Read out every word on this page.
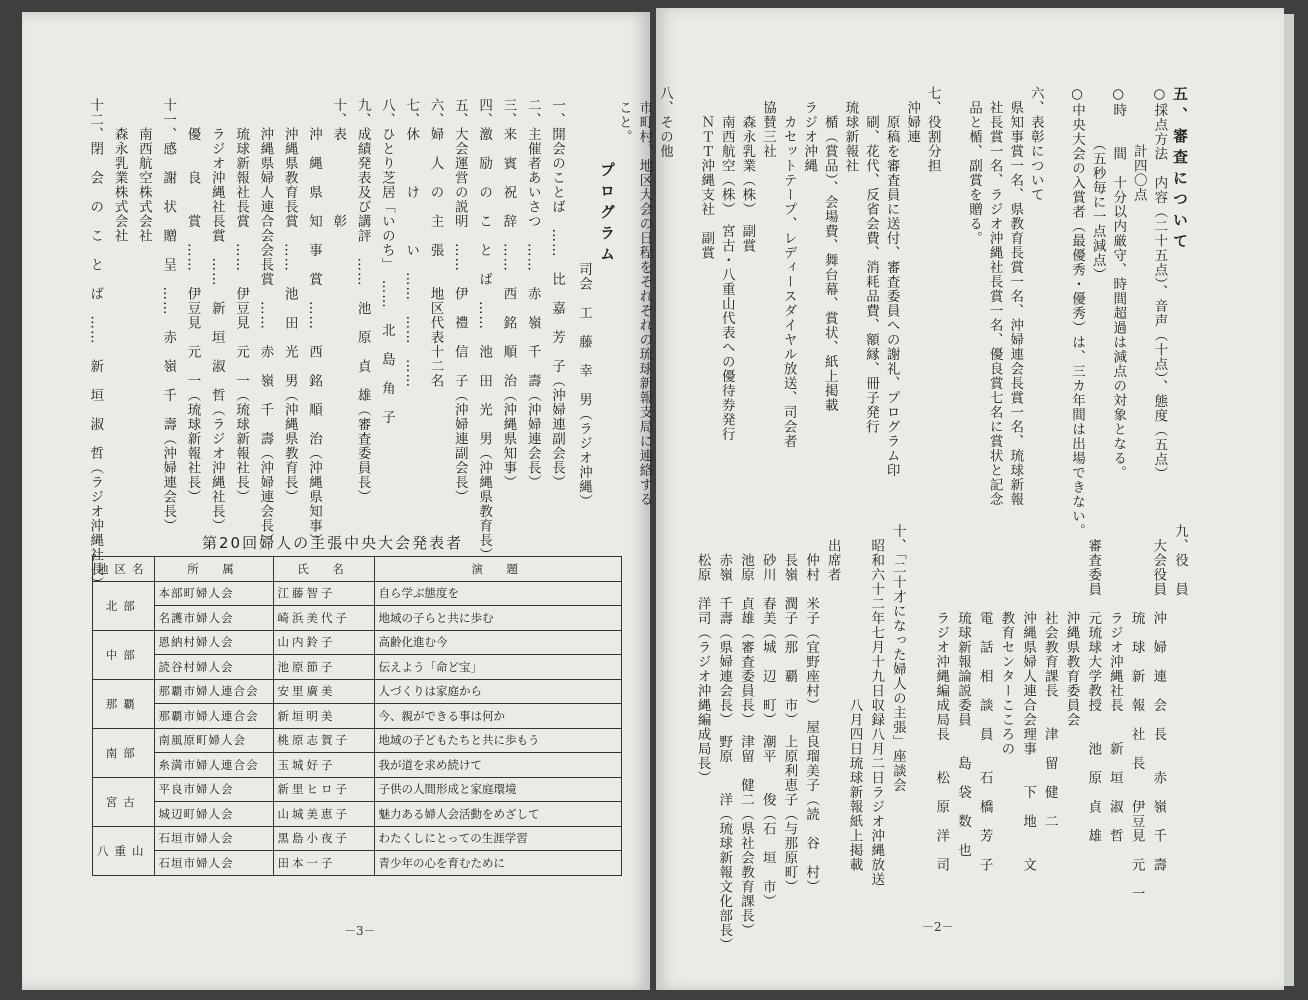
プログラム
司会　工　藤　幸　男（ラジオ沖縄）
一、開会のことば　……　比　嘉　芳　子（沖婦連副会長）
二、主催者あいさつ　……　赤　嶺　千　壽（沖婦連会長）
三、来　賓　祝　辞　……　西　銘　順　治（沖縄県知事）
四、激　励　の　こ　と　ば　……　池　田　光　男（沖縄県教育長）
五、大会運営の説明　……　伊　禮　信　子（沖婦連副会長）
六、婦　人　の　主　張　　地区代表十二名
七、休　　　け　　　い　……　……　……
八、ひとり芝居「いのち」　……　北　島　角　子
九、成績発表及び講評　……　池　原　貞　雄（審査委員長）
十、表　　　　　彰
　　沖　縄　県　知　事　賞　……　西　銘　順　治（沖縄県知事）
　　沖縄県教育長賞　……　池　田　光　男（沖縄県教育長）
　　沖縄県婦人連合会会長賞　……　赤　嶺　千　壽（沖婦連会長）
　　琉球新報社長賞　……　伊豆見　元　一（琉球新報社長）
　　ラジオ沖縄社長賞　……　新　垣　淑　哲（ラジオ沖縄社長）
　　優　　良　　賞　……　伊豆見　元　一（琉球新報社長）
十一、感　謝　状　贈　呈　……　赤　嶺　千　壽（沖婦連会長）
　　南西航空株式会社
　　森永乳業株式会社
十二、閉　会　の　こ　と　ば　……　新　垣　淑　哲（ラジオ沖縄社長）	第20回婦人の主張中央大会発表者
地区名	所　属	氏　名	演　題
北部	本部町婦人会	江藤智子	自ら学ぶ態度を
	名護市婦人会	崎浜美代子	地域の子らと共に歩む
中部	恩納村婦人会	山内鈴子	高齢化進む今
	読谷村婦人会	池原節子	伝えよう「命ど宝」
那覇	那覇市婦人連合会	安里廣美	人づくりは家庭から
	那覇市婦人連合会	新垣明美	今、親ができる事は何か
南部	南風原町婦人会	桃原志賀子	地域の子どもたちと共に歩もう
	糸満市婦人連合会	玉城好子	我が道を求め続けて
宮古	平良市婦人会	新里ヒロ子	子供の人間形成と家庭環境
	城辺町婦人会	山城美恵子	魅力ある婦人会活動をめざして
八重山	石垣市婦人会	黒島小夜子	わたくしにとっての生涯学習
	石垣市婦人会	田本一子	青少年の心を育むために
－3－
五、審査について
○採点方法　内容（二十五点）、音声（十点）、態度（五点）
　　　　計四〇点
○時　　間　十分以内厳守、時間超過は減点の対象となる。
　　　　（五秒毎に一点減点）
○中央大会の入賞者（最優秀・優秀）は、三カ年間は出場できない。
六、表彰について
　県知事賞一名、県教育長賞一名、沖婦連会長賞一名、琉球新報
　社長賞一名、ラジオ沖縄社長賞一名、優良賞七名に賞状と記念
　品と楯、副賞を贈る。
七、役割分担
　沖婦連
　　原稿を審査員に送付、審査委員への謝礼、プログラム印
　　刷、花代、反省会費、消耗品費、額縁、冊子発行
　琉球新報社
　　楯（賞品）、会場費、舞台幕、賞状、紙上掲載
　ラジオ沖縄
　　カセットテープ、レディースダイヤル放送、司会者
　協賛三社
　　森永乳業（株）　副賞
　　南西航空（株）　宮古・八重山代表への優待券発行
　　ＮＴＴ沖縄支社　副賞
八、その他
　市町村、地区大会の日程をそれぞれの琉球新報支局に連絡する
　こと。
九、役　員
　大会役員　沖　婦　連　会　長　　赤　嶺　千　壽
　　　　　　琉　球　新　報　社　長　　伊豆見　元　一
　　　　　　ラジオ沖縄社長　　新　垣　淑　哲
　審査委員　元琉球大学教授　　池　原　貞　雄
　　　　　　沖縄県教育委員会
　　　　　　社会教育課長　　津　留　健　二
　　　　　　沖縄県婦人連合会理事　　下　地　　文
　　　　　　教育センターこころの
　　　　　　電　話　相　談　員　　石　橋　芳　子
　　　　　　琉球新報論説委員　　島　袋　数　也
　　　　　　ラジオ沖縄編成局長　　松　原　洋　司
十、「二十才になった婦人の主張」座談会
　昭和六十二年七月十九日収録八月二日ラジオ沖縄放送
　　　　　　　　　　　　八月四日琉球新報紙上掲載
　出席者
　　仲村　米子（宜野座村）　屋良瑠美子（読　谷　村）
　　長嶺　潤子（那　覇　市）　上原利恵子（与那原町）
　　砂川　春美（城　辺　町）　潮平　　俊（石　垣　市）
　　池原　貞雄（審査委員長）　津留　健二（県社会教育課長）
　　赤嶺　千壽（県婦連会長）　野原　　洋（琉球新報文化部長）
　　松原　洋司（ラジオ沖縄編成局長）
－2－
